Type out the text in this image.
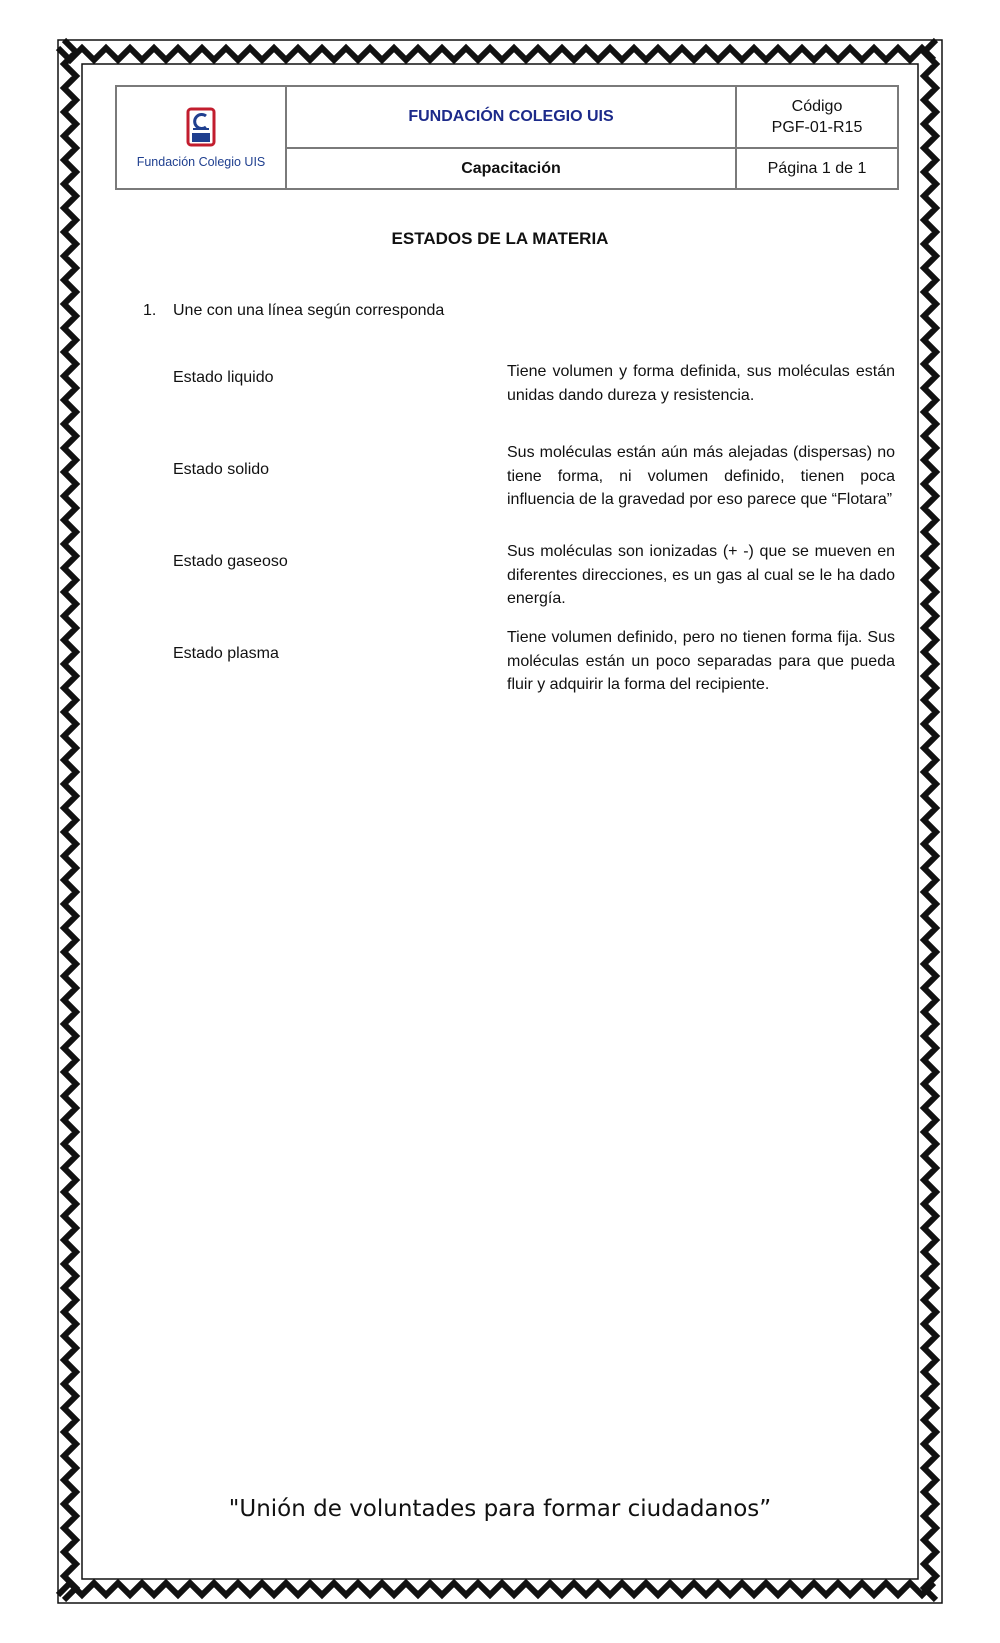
Fundación Colegio UIS
FUNDACIÓN COLEGIO UIS
Código
PGF-01-R15
Capacitación	Página 1 de 1
ESTADOS DE LA MATERIA
1. Une con una línea según corresponda
Estado liquido
Estado solido
Estado gaseoso
Estado plasma
Tiene volumen y forma definida, sus moléculas están unidas dando dureza y resistencia.
Sus moléculas están aún más alejadas (dispersas) no tiene forma, ni volumen definido, tienen poca influencia de la gravedad por eso parece que “Flotara”
Sus moléculas son ionizadas (+ -) que se mueven en diferentes direcciones, es un gas al cual se le ha dado energía.
Tiene volumen definido, pero no tienen forma fija. Sus moléculas están un poco separadas para que pueda fluir y adquirir la forma del recipiente.
"Unión de voluntades para formar ciudadanos”
